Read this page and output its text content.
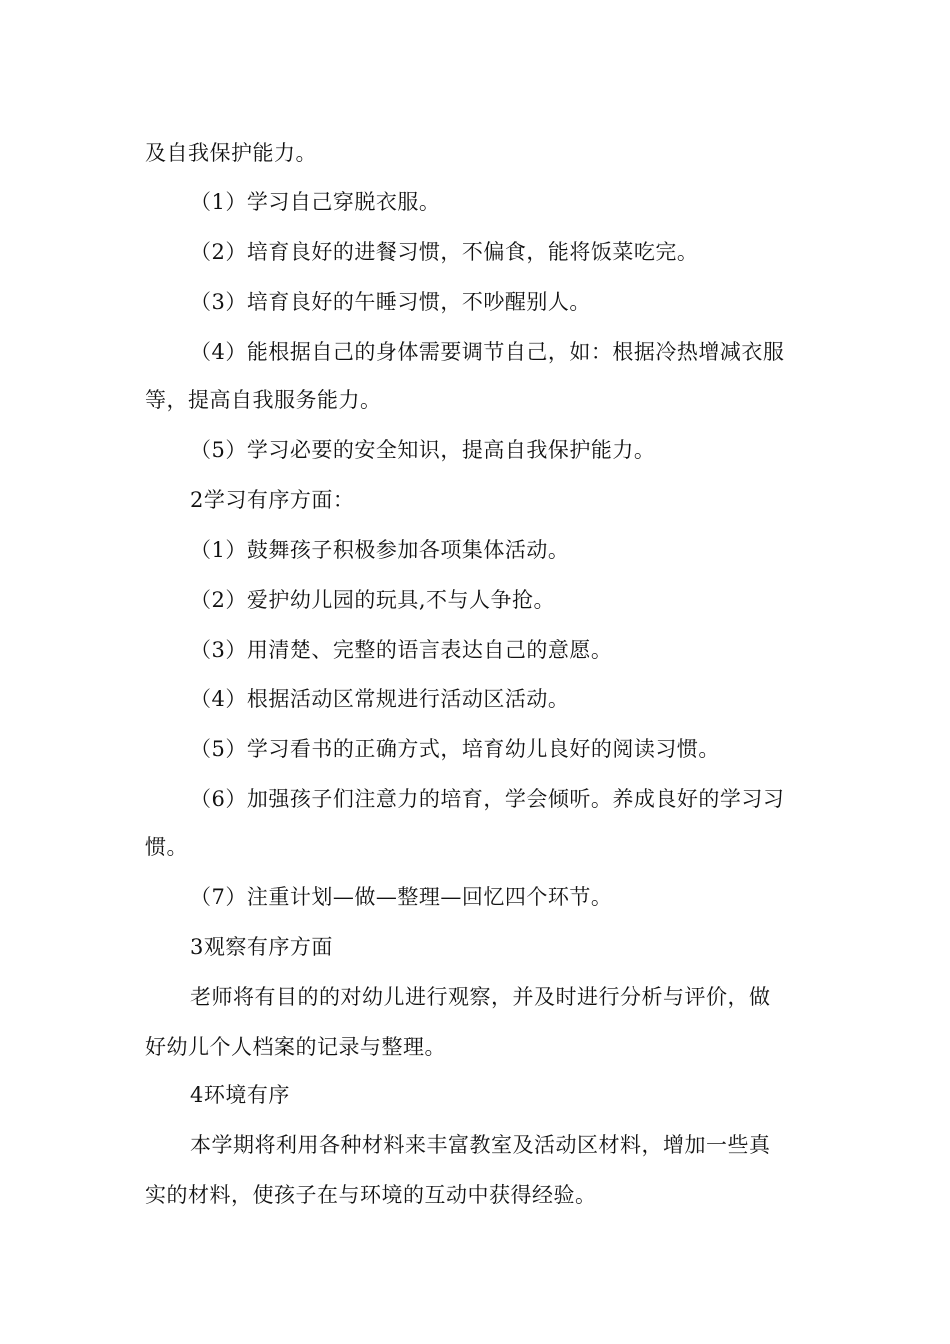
及自我保护能力。
（1）学习自己穿脱衣服。
（2）培育良好的进餐习惯，不偏食，能将饭菜吃完。
（3）培育良好的午睡习惯，不吵醒别人。
（4）能根据自己的身体需要调节自己，如：根据冷热增减衣服
等，提高自我服务能力。
（5）学习必要的安全知识，提高自我保护能力。
2学习有序方面：
（1）鼓舞孩子积极参加各项集体活动。
（2）爱护幼儿园的玩具,不与人争抢。
（3）用清楚、完整的语言表达自己的意愿。
（4）根据活动区常规进行活动区活动。
（5）学习看书的正确方式，培育幼儿良好的阅读习惯。
（6）加强孩子们注意力的培育，学会倾听。养成良好的学习习
惯。
（7）注重计划—做—整理—回忆四个环节。
3观察有序方面
老师将有目的的对幼儿进行观察，并及时进行分析与评价，做
好幼儿个人档案的记录与整理。
4环境有序
本学期将利用各种材料来丰富教室及活动区材料，增加一些真
实的材料，使孩子在与环境的互动中获得经验。
